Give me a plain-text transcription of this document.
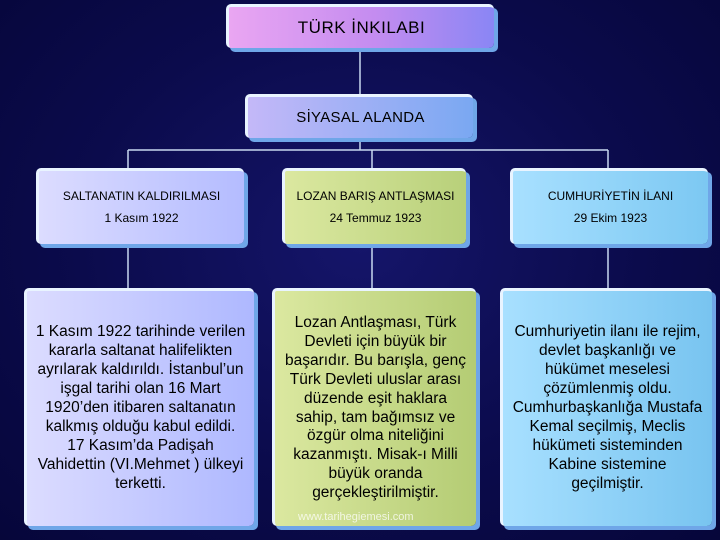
TÜRK İNKILABI
SİYASAL ALANDA
SALTANATIN KALDIRILMASI
1 Kasım 1922
LOZAN BARIŞ ANTLAŞMASI
24 Temmuz 1923
CUMHURİYETİN İLANI
29 Ekim 1923
1 Kasım 1922 tarihinde verilen kararla saltanat halifelikten ayrılarak kaldırıldı. İstanbul’un işgal tarihi olan 16 Mart 1920’den itibaren saltanatın kalkmış olduğu kabul edildi. 17 Kasım’da Padişah Vahidettin (VI.Mehmet ) ülkeyi terketti.
Lozan Antlaşması, Türk Devleti için büyük bir başarıdır. Bu barışla, genç Türk Devleti uluslar arası düzende eşit haklara sahip, tam bağımsız ve özgür olma niteliğini kazanmıştı. Misak-ı Milli büyük oranda gerçekleştirilmiştir.
Cumhuriyetin ilanı ile rejim, devlet başkanlığı ve hükümet meselesi çözümlenmiş oldu. Cumhurbaşkanlığa Mustafa Kemal seçilmiş, Meclis hükümeti sisteminden Kabine sistemine geçilmiştir.
www.tarihegiemesi.com
